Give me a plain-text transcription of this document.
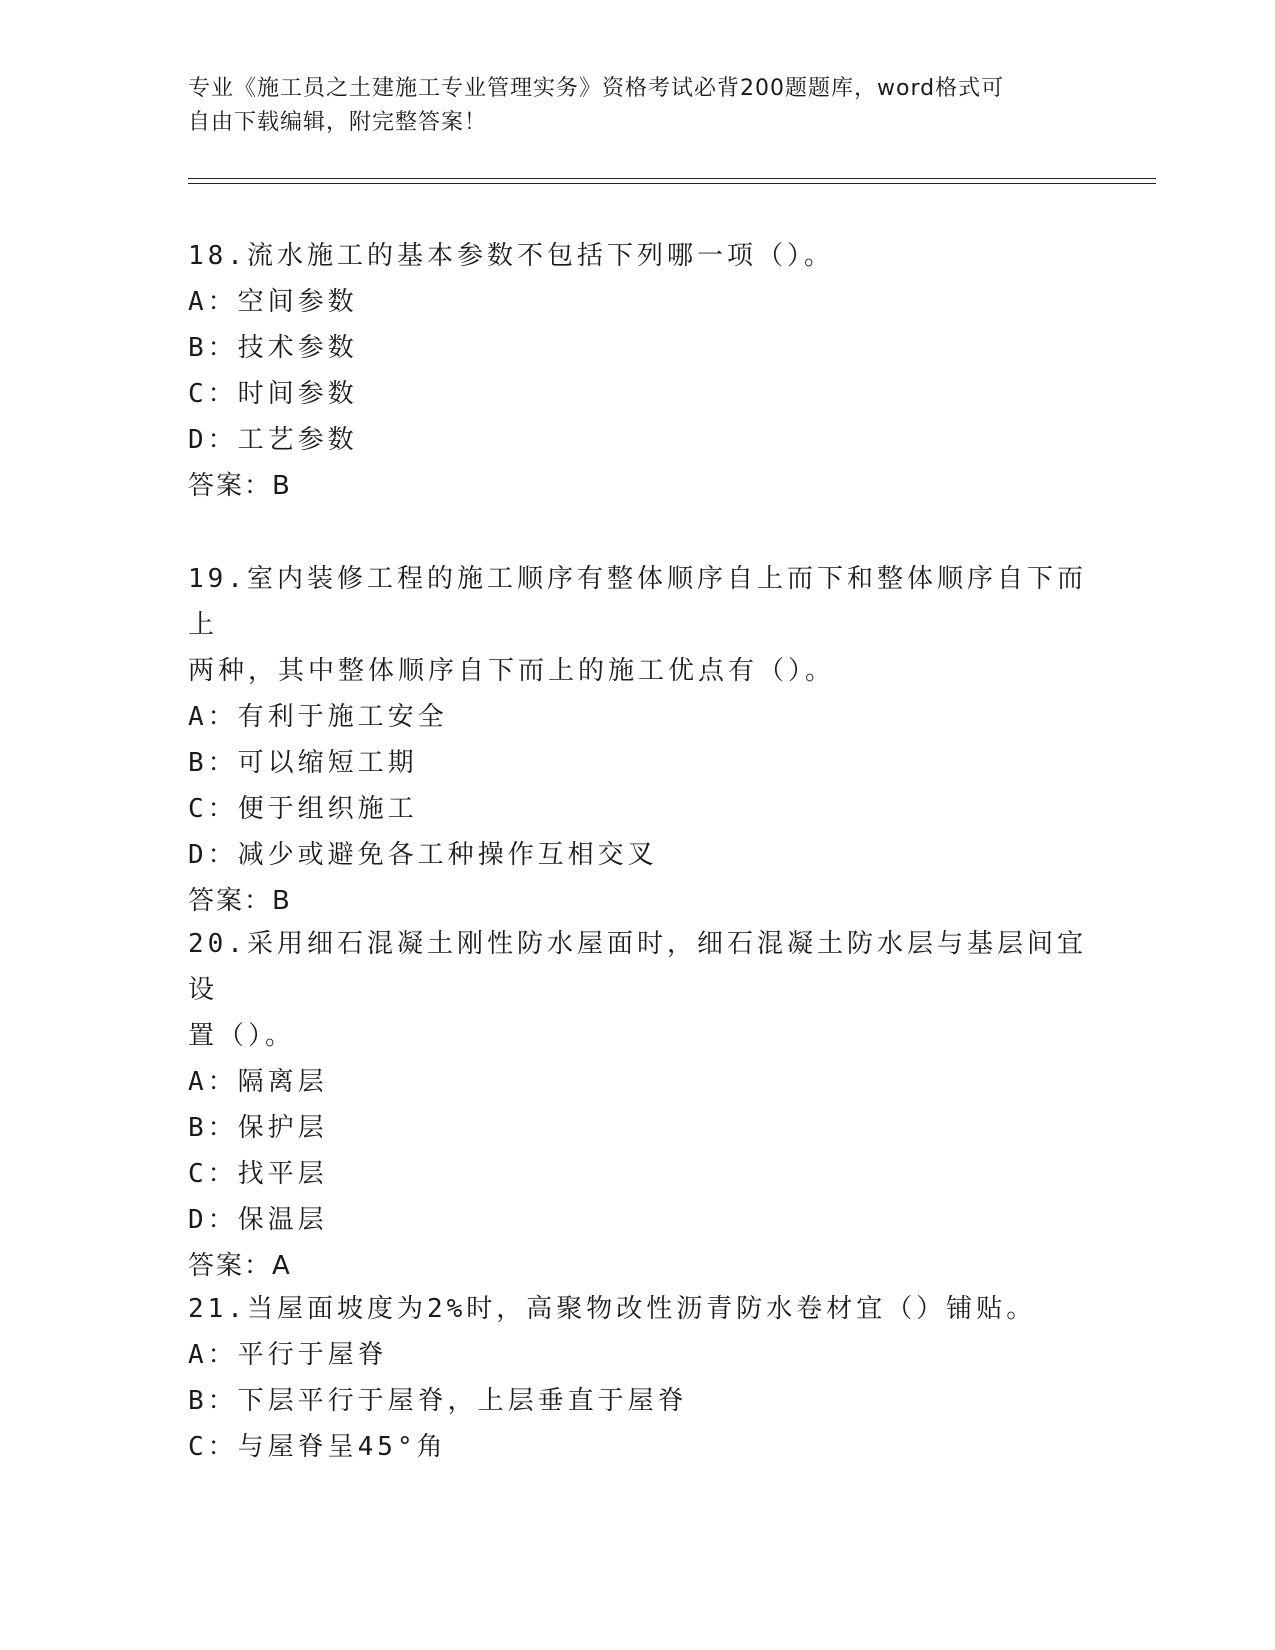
专业《施工员之土建施工专业管理实务》资格考试必背200题题库，word格式可
自由下载编辑，附完整答案！
18.流水施工的基本参数不包括下列哪一项（）。
A：空间参数
B：技术参数
C：时间参数
D：工艺参数
答案：B
19.室内装修工程的施工顺序有整体顺序自上而下和整体顺序自下而上
两种，其中整体顺序自下而上的施工优点有（）。
A：有利于施工安全
B：可以缩短工期
C：便于组织施工
D：减少或避免各工种操作互相交叉
答案：B
20.采用细石混凝土刚性防水屋面时，细石混凝土防水层与基层间宜设
置（）。
A：隔离层
B：保护层
C：找平层
D：保温层
答案：A
21.当屋面坡度为2%时，高聚物改性沥青防水卷材宜（）铺贴。
A：平行于屋脊
B：下层平行于屋脊，上层垂直于屋脊
C：与屋脊呈45°角
